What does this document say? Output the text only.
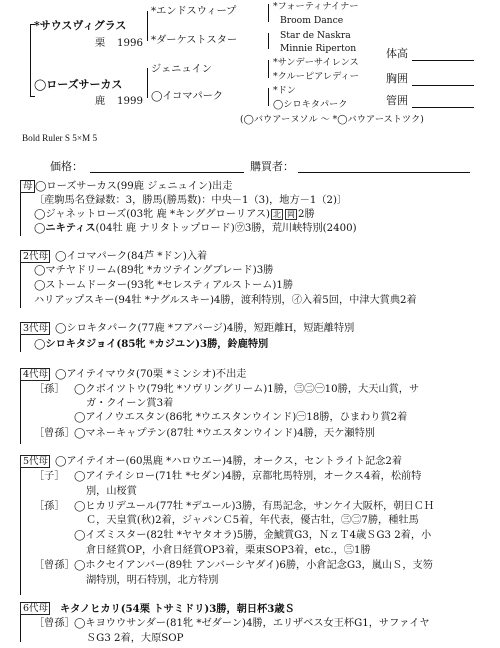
*サウスヴィグラス
栗 1996
◯ローズサーカス
鹿 1999
*エンドスウィープ
*ダーケストスター
ジェニュイン
◯イコマパーク
*フォーティナイナー
Broom Dance
Star de Naskra
Minnie Riperton
*サンデーサイレンス
*クルーピアレディー
*ドン
◯シロキタパーク
(◯バウアーヌソル ～ *◯バウアーストツク)
体高
胸囲
管囲
Bold Ruler S 5×M 5
価格：	購買者：
母 ◯ローズサーカス(99鹿 ジェニュイン)出走
〔産駒馬名登録数：3，勝馬(勝馬数)：中央－1（3)，地方－1（2)〕
◯ジャネットローズ(03牝 鹿 *キンググローリアス) 北 岡 2勝
◯ニキティス(04牡 鹿 ナリタトップロード)㋒3勝，荒川峡特別(2400)
2代母 ◯イコマパーク(84芦 *ドン)入着
◯マチヤドリーム(89牝 *カツテイングブレード)3勝
◯ストームドーター(93牝 *セレスティアルストーム)1勝
ハリアップスキー(94牡 *ナグルスキー)4勝，渡利特別，㋑入着5回，中津大賞典2着
3代母 ◯シロキタパーク(77鹿 *フアバージ)4勝，短距離H，短距離特別
◯シロキタジョイ(85牝 *カジユン)3勝，鈴鹿特別
4代母 ◯アイテイマウタ(70栗 *ミンシオ)不出走
［孫］ ◯クボイツトウ(79牝 *ソヴリングリーム)1勝，㊂㊁㊀10勝，大天山賞，サ
ガ・クイーン賞3着
◯アイノウエスタン(86牝 *ウエスタンウインド)㊀18勝，ひまわり賞2着
［曾孫］ ◯マネーキャプテン(87牡 *ウエスタンウインド)4勝，天ケ瀬特別
5代母 ◯アイテイオー(60黒鹿 *ハロウエー)4勝，オークス，セントライト記念2着
［子］ ◯アイテイシロー(71牡 *セダン)4勝，京都牝馬特別，オークス4着，松前特
別，山桜賞
［孫］ ◯ヒカリデユール(77牡 *デユール)3勝，有馬記念，サンケイ大阪杯，朝日ＣＨ
Ｃ，天皇賞(秋)2着，ジャパンＣ5着，年代表，優古牡，㊂㊁7勝，種牡馬
◯イズミスター(82牡 *ヤヤタオラ)5勝，金鯱賞G3，ＮｚＴ4歳ＳG3 2着，小
倉日経賞OP，小倉日経賞OP3着，栗東SOP3着，etc.，㊂1勝
［曾孫］ ◯ホクセイアンバー(89牡 アンバーシヤダイ)6勝，小倉記念G3，嵐山Ｓ，支笏
湖特別，明石特別，北方特別
6代母 キタノヒカリ(54栗 トサミドリ)3勝，朝日杯3歳Ｓ
［曾孫］ ◯キヨウウサンダー(81牝 *ゼダーン)4勝，エリザベス女王杯G1，サファイヤ
ＳG3 2着，大原SOP
